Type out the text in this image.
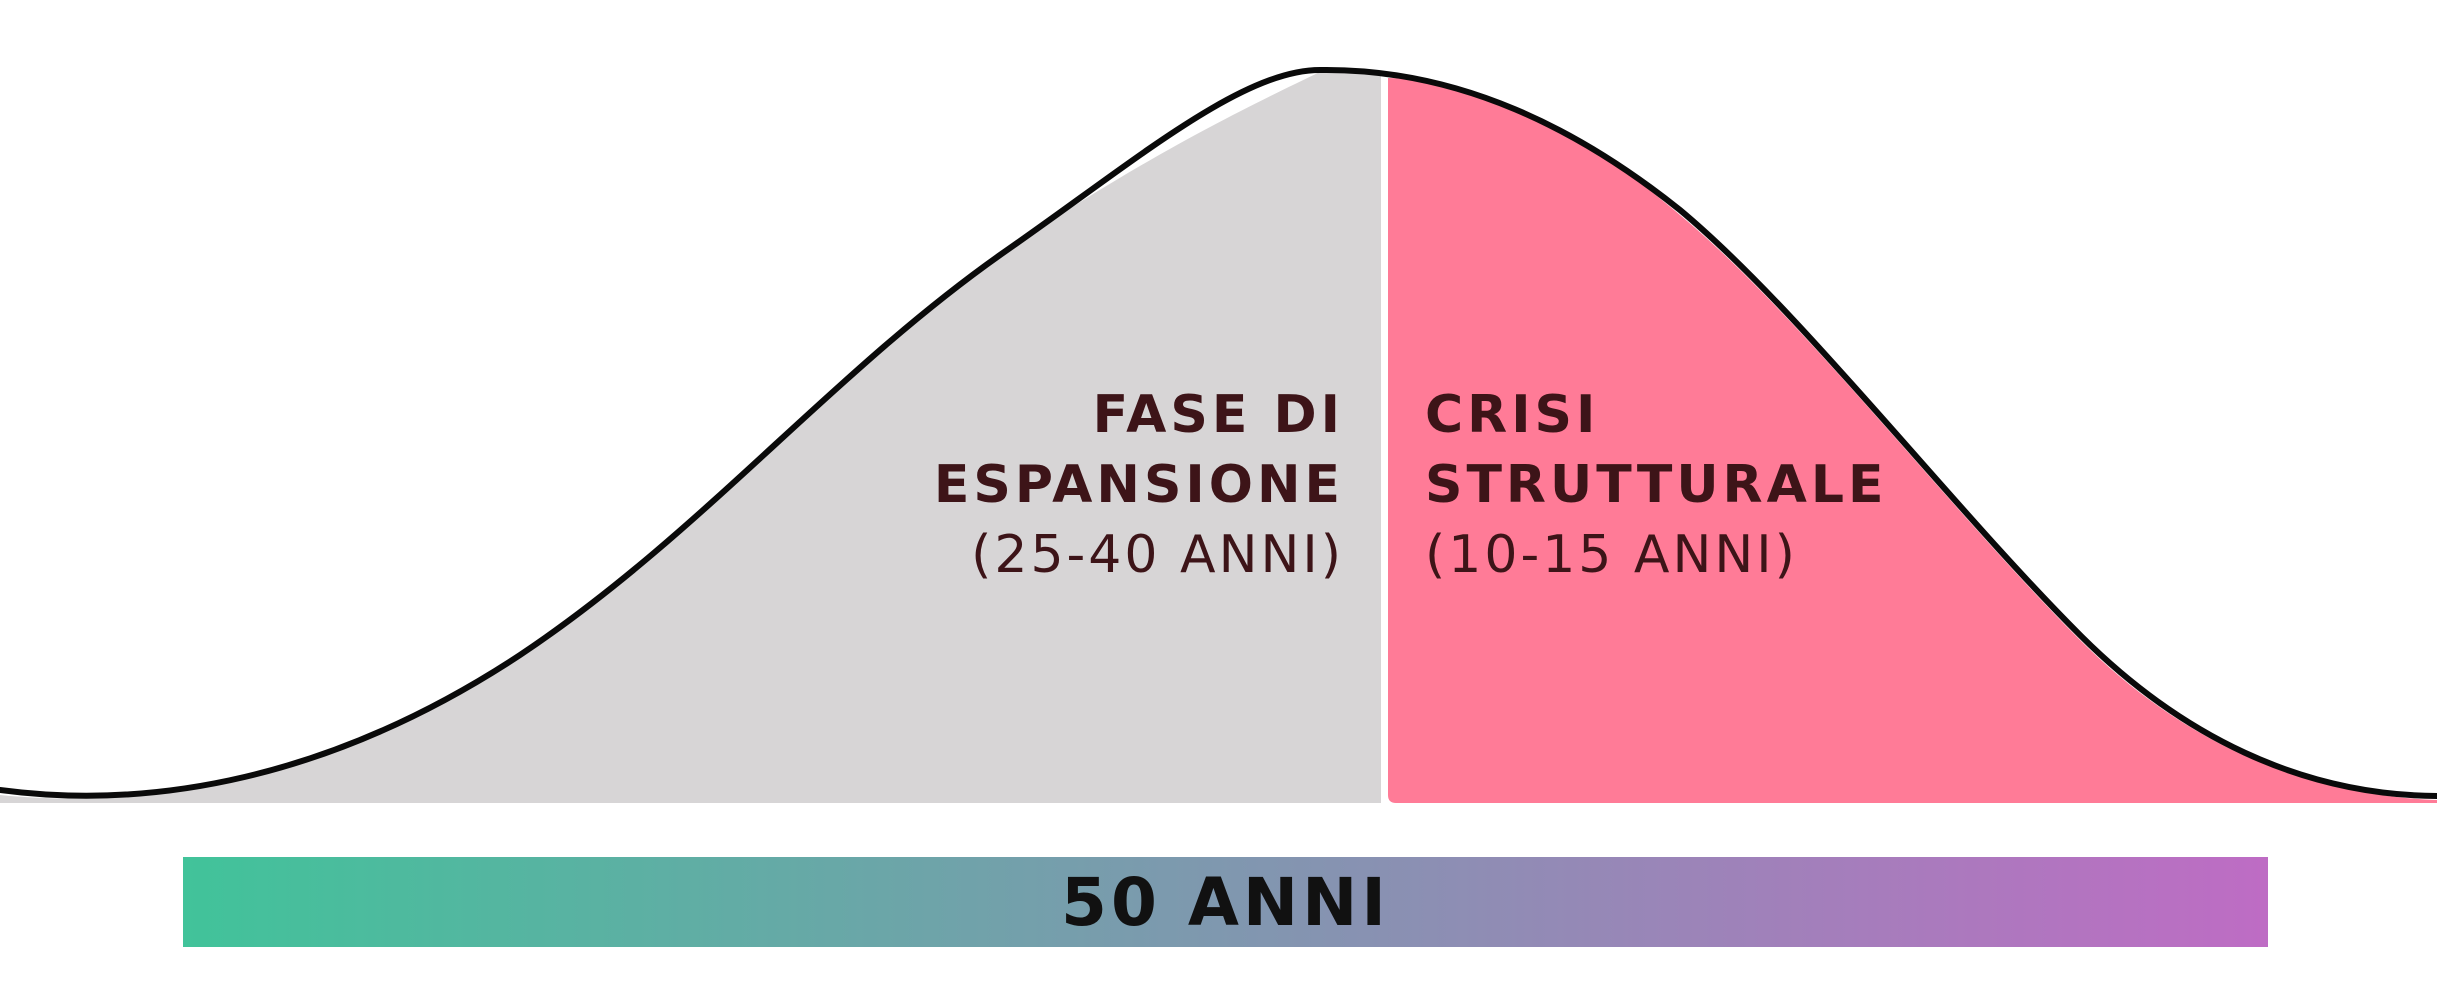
FASE DI
ESPANSIONE
(25-40 ANNI)
CRISI
STRUTTURALE
(10-15 ANNI)
50 ANNI
